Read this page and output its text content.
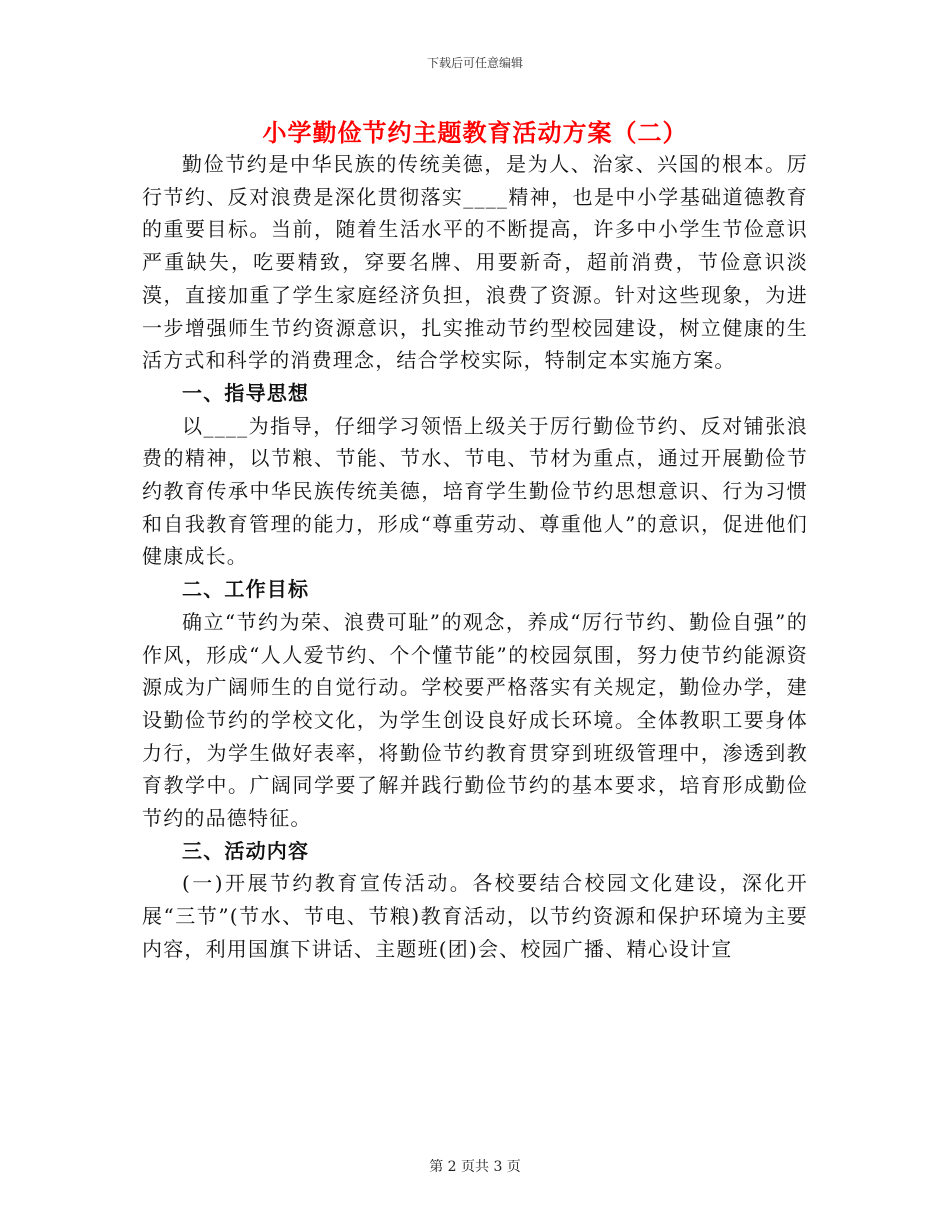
下载后可任意编辑
小学勤俭节约主题教育活动方案（二）

勤俭节约是中华民族的传统美德，是为人、治家、兴国的根本。厉行节约、反对浪费是深化贯彻落实____精神，也是中小学基础道德教育的重要目标。当前，随着生活水平的不断提高，许多中小学生节俭意识严重缺失，吃要精致，穿要名牌、用要新奇，超前消费，节俭意识淡漠，直接加重了学生家庭经济负担，浪费了资源。针对这些现象，为进一步增强师生节约资源意识，扎实推动节约型校园建设，树立健康的生活方式和科学的消费理念，结合学校实际，特制定本实施方案。

一、指导思想

以____为指导，仔细学习领悟上级关于厉行勤俭节约、反对铺张浪费的精神，以节粮、节能、节水、节电、节材为重点，通过开展勤俭节约教育传承中华民族传统美德，培育学生勤俭节约思想意识、行为习惯和自我教育管理的能力，形成“尊重劳动、尊重他人”的意识，促进他们健康成长。

二、工作目标

确立“节约为荣、浪费可耻”的观念，养成“厉行节约、勤俭自强”的作风，形成“人人爱节约、个个懂节能”的校园氛围，努力使节约能源资源成为广阔师生的自觉行动。学校要严格落实有关规定，勤俭办学，建设勤俭节约的学校文化，为学生创设良好成长环境。全体教职工要身体力行，为学生做好表率，将勤俭节约教育贯穿到班级管理中，渗透到教育教学中。广阔同学要了解并践行勤俭节约的基本要求，培育形成勤俭节约的品德特征。

三、活动内容

(一)开展节约教育宣传活动。各校要结合校园文化建设，深化开展“三节”(节水、节电、节粮)教育活动，以节约资源和保护环境为主要内容，利用国旗下讲话、主题班(团)会、校园广播、精心设计宣

第 2 页共 3 页
